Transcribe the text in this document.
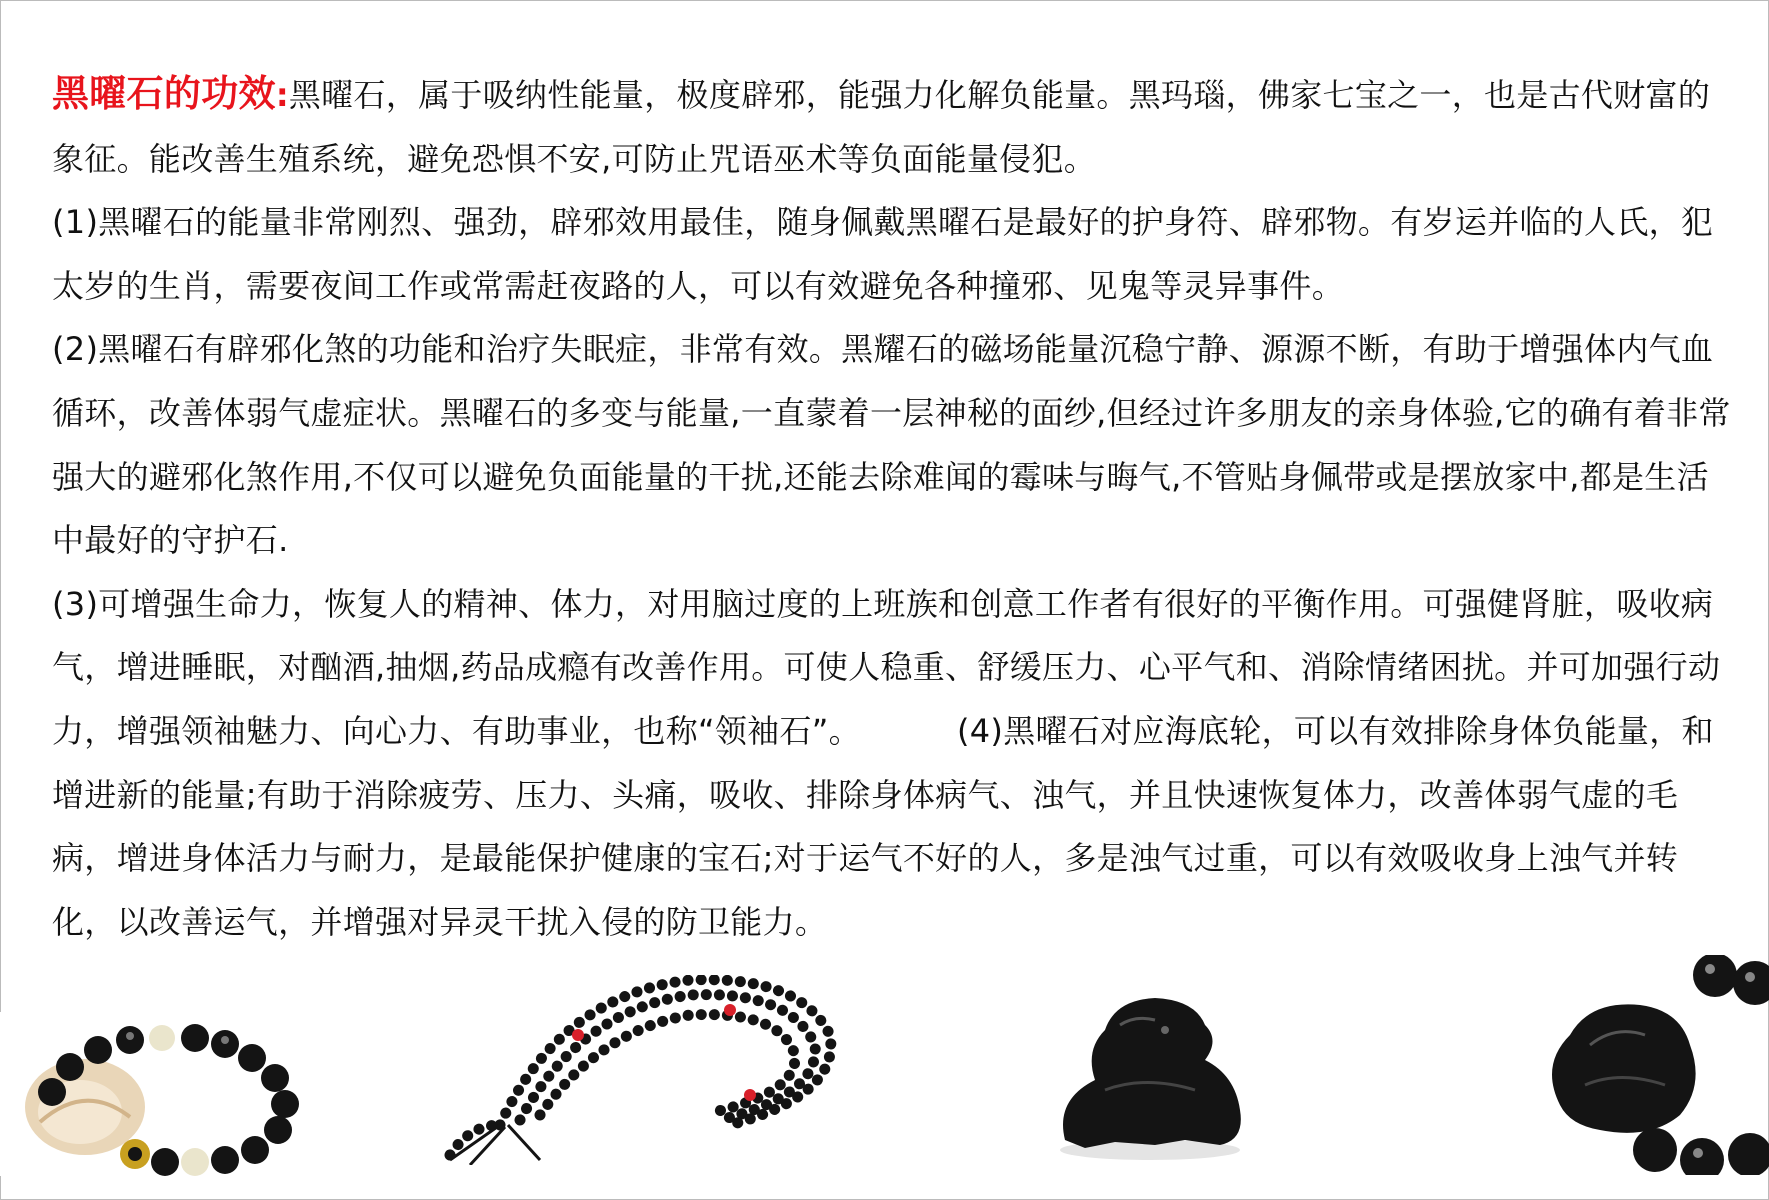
黑曜石的功效:黑曜石，属于吸纳性能量，极度辟邪，能强力化解负能量。黑玛瑙，佛家七宝之一，也是古代财富的象征。能改善生殖系统，避免恐惧不安,可防止咒语巫术等负面能量侵犯。

(1)黑曜石的能量非常刚烈、强劲，辟邪效用最佳，随身佩戴黑曜石是最好的护身符、辟邪物。有岁运并临的人氏，犯太岁的生肖，需要夜间工作或常需赶夜路的人，可以有效避免各种撞邪、见鬼等灵异事件。

(2)黑曜石有辟邪化煞的功能和治疗失眠症，非常有效。黑耀石的磁场能量沉稳宁静、源源不断，有助于增强体内气血循环，改善体弱气虚症状。黑曜石的多变与能量,一直蒙着一层神秘的面纱,但经过许多朋友的亲身体验,它的确有着非常强大的避邪化煞作用,不仅可以避免负面能量的干扰,还能去除难闻的霉味与晦气,不管贴身佩带或是摆放家中,都是生活中最好的守护石.

(3)可增强生命力，恢复人的精神、体力，对用脑过度的上班族和创意工作者有很好的平衡作用。可强健肾脏，吸收病气，增进睡眠，对酗酒,抽烟,药品成瘾有改善作用。可使人稳重、舒缓压力、心平气和、消除情绪困扰。并可加强行动力，增强领袖魅力、向心力、有助事业，也称“领袖石”。	(4)黑曜石对应海底轮，可以有效排除身体负能量，和增进新的能量;有助于消除疲劳、压力、头痛，吸收、排除身体病气、浊气，并且快速恢复体力，改善体弱气虚的毛病，增进身体活力与耐力，是最能保护健康的宝石;对于运气不好的人，多是浊气过重，可以有效吸收身上浊气并转化，以改善运气，并增强对异灵干扰入侵的防卫能力。
